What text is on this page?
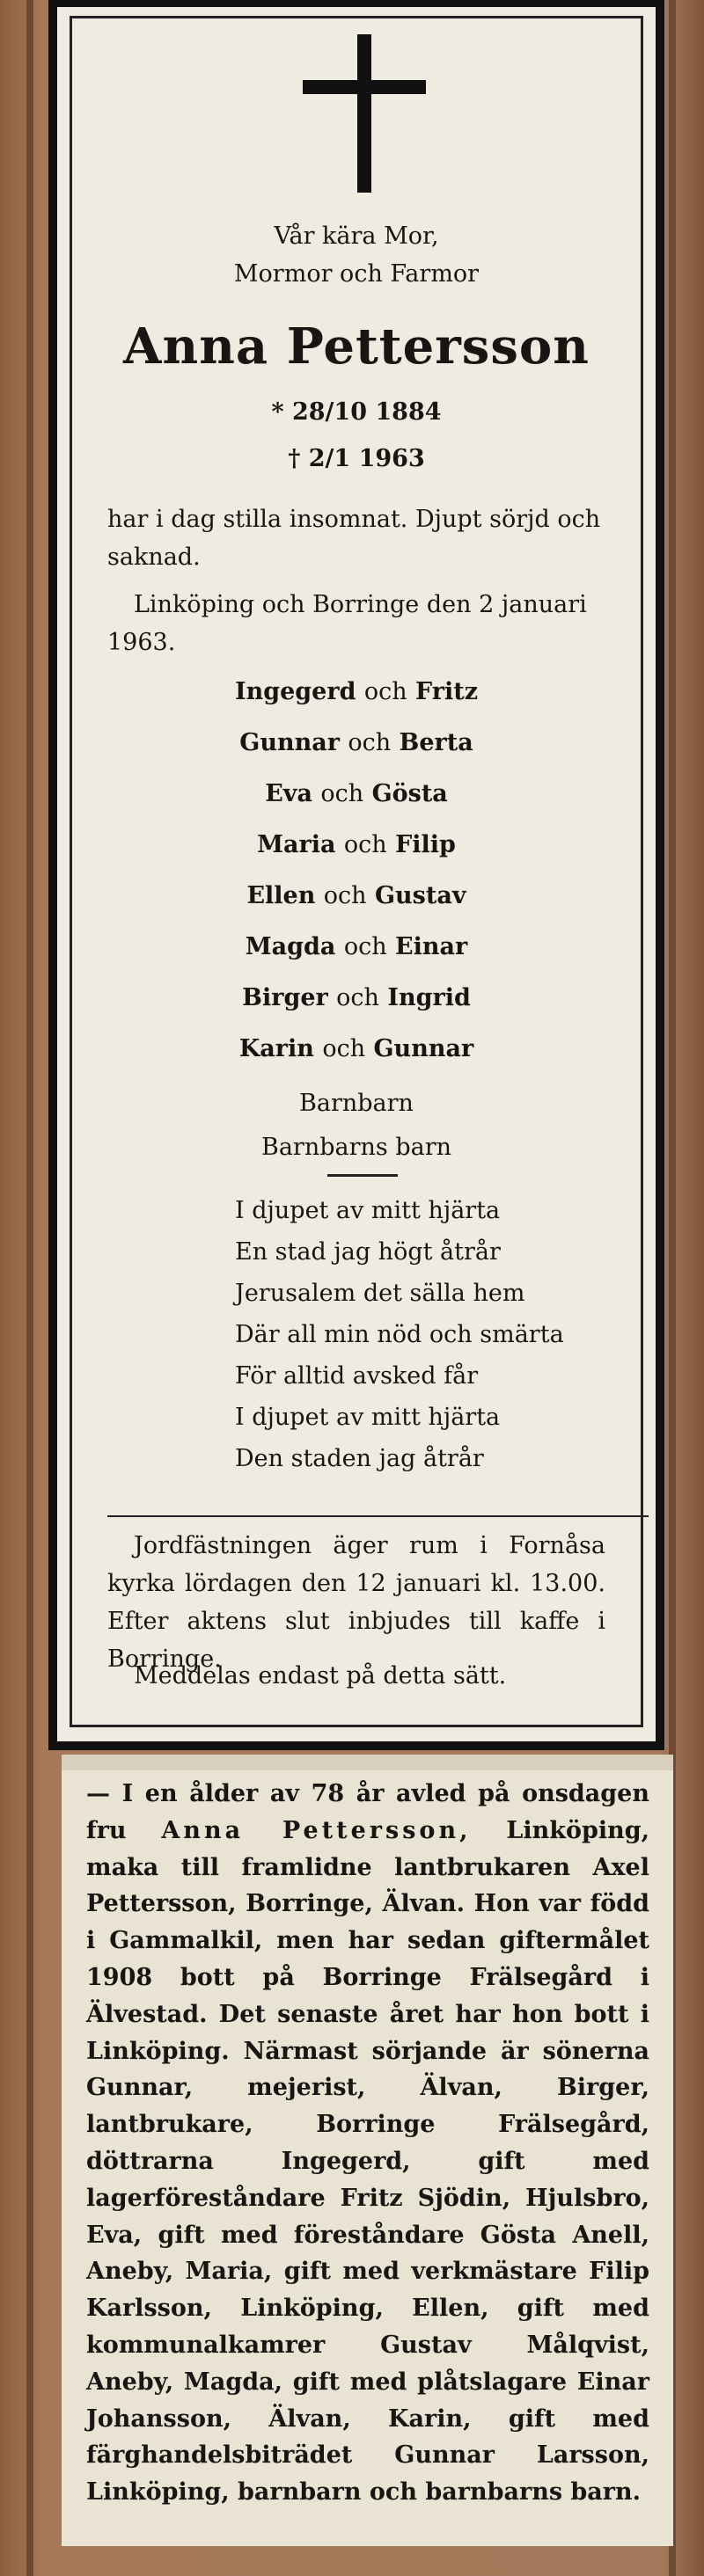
Vår kära Mor,
Mormor och Farmor
Anna Pettersson
* 28/10 1884
† 2/1 1963
har i dag stilla insomnat. Djupt sörjd och saknad.
Linköping och Borringe den 2 januari 1963.
Ingegerd och Fritz
Gunnar och Berta
Eva och Gösta
Maria och Filip
Ellen och Gustav
Magda och Einar
Birger och Ingrid
Karin och Gunnar
Barnbarn
Barnbarns barn
I djupet av mitt hjärta
En stad jag högt åtrår
Jerusalem det sälla hem
Där all min nöd och smärta
För alltid avsked får
I djupet av mitt hjärta
Den staden jag åtrår
Jordfästningen äger rum i Fornåsa kyrka lördagen den 12 januari kl. 13.00. Efter aktens slut inbjudes till kaffe i Borringe.
Meddelas endast på detta sätt.
— I en ålder av 78 år avled på onsdagen fru Anna Pettersson, Linköping, maka till framlidne lantbrukaren Axel Pettersson, Borringe, Älvan. Hon var född i Gammalkil, men har sedan giftermålet 1908 bott på Borringe Frälsegård i Älvestad. Det senaste året har hon bott i Linköping. Närmast sörjande är sönerna Gunnar, mejerist, Älvan, Birger, lantbrukare, Borringe Frälsegård, döttrarna Ingegerd, gift med lagerföreståndare Fritz Sjödin, Hjulsbro, Eva, gift med föreståndare Gösta Anell, Aneby, Maria, gift med verkmästare Filip Karlsson, Linköping, Ellen, gift med kommunalkamrer Gustav Målqvist, Aneby, Magda, gift med plåtslagare Einar Johansson, Älvan, Karin, gift med färghandelsbiträdet Gunnar Larsson, Linköping, barnbarn och barnbarns barn.
